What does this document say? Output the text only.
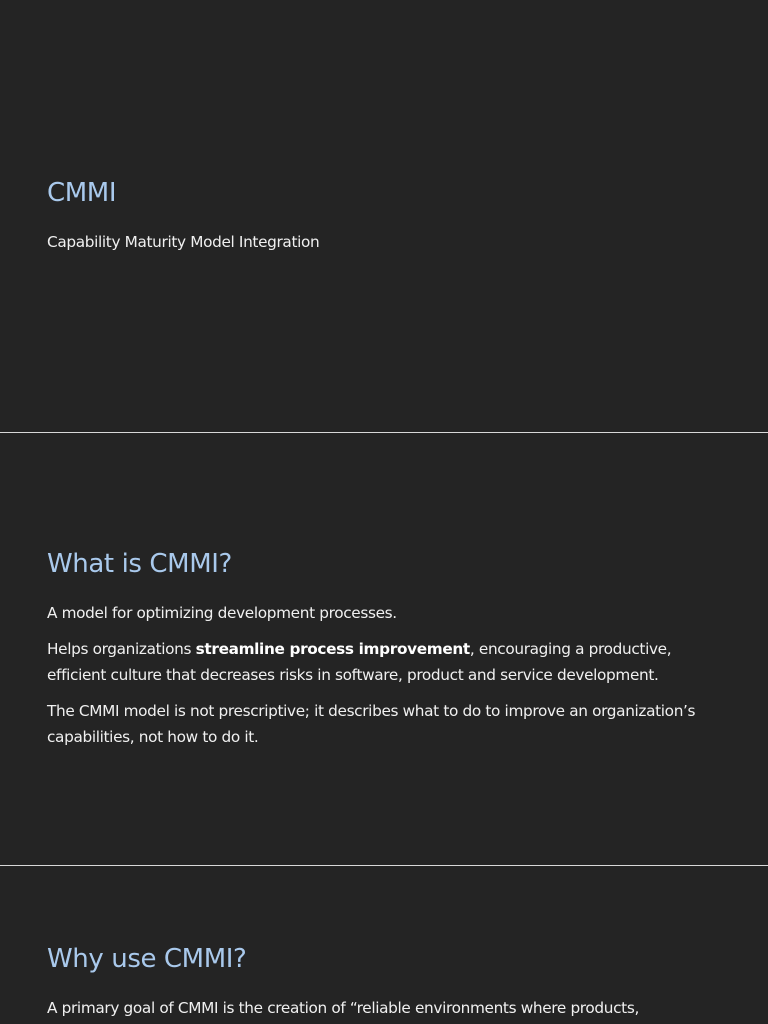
CMMI

Capability Maturity Model Integration

What is CMMI?

A model for optimizing development processes.

Helps organizations streamline process improvement, encouraging a productive, efficient culture that decreases risks in software, product and service development.

The CMMI model is not prescriptive; it describes what to do to improve an organization’s capabilities, not how to do it.

Why use CMMI?

A primary goal of CMMI is the creation of “reliable environments where products,
